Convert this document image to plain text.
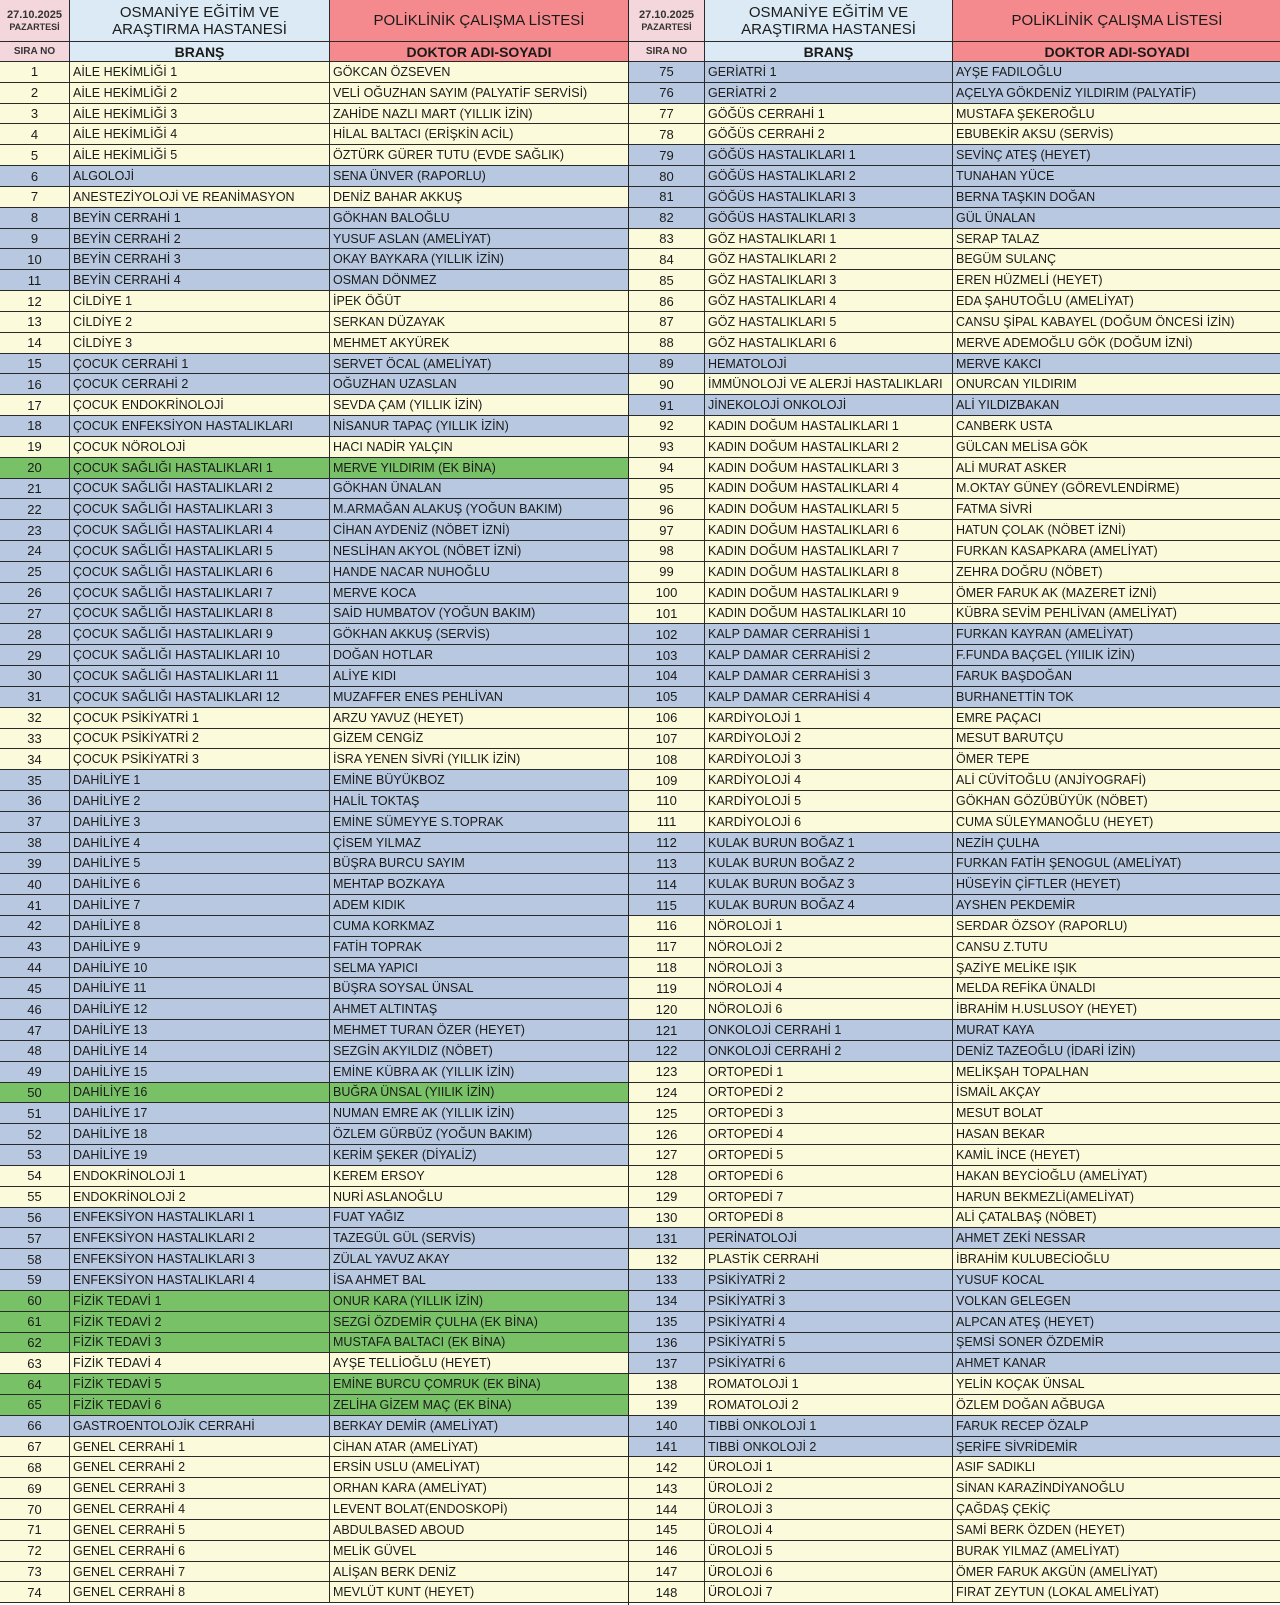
27.10.2025
PAZARTESİ
OSMANİYE EĞİTİM VE ARAŞTIRMA HASTANESİ	POLİKLİNİK ÇALIŞMA LİSTESİ
SIRA NO	BRANŞ	DOKTOR ADI-SOYADI
1	AİLE HEKİMLİĞİ 1	GÖKCAN ÖZSEVEN
2	AİLE HEKİMLİĞİ 2	VELİ OĞUZHAN SAYIM (PALYATİF SERVİSİ)
3	AİLE HEKİMLİĞİ 3	ZAHİDE NAZLI MART (YILLIK İZİN)
4	AİLE HEKİMLİĞİ 4	HİLAL BALTACI (ERİŞKİN ACİL)
5	AİLE HEKİMLİĞİ 5	ÖZTÜRK GÜRER TUTU (EVDE SAĞLIK)
6	ALGOLOJİ	SENA ÜNVER (RAPORLU)
7	ANESTEZİYOLOJİ VE REANİMASYON	DENİZ BAHAR AKKUŞ
8	BEYİN CERRAHİ 1	GÖKHAN BALOĞLU
9	BEYİN CERRAHİ 2	YUSUF ASLAN (AMELİYAT)
10	BEYİN CERRAHİ 3	OKAY BAYKARA (YILLIK İZİN)
11	BEYİN CERRAHİ 4	OSMAN DÖNMEZ
12	CİLDİYE 1	İPEK ÖĞÜT
13	CİLDİYE 2	SERKAN DÜZAYAK
14	CİLDİYE 3	MEHMET AKYÜREK
15	ÇOCUK CERRAHİ 1	SERVET ÖCAL (AMELİYAT)
16	ÇOCUK CERRAHİ 2	OĞUZHAN UZASLAN
17	ÇOCUK ENDOKRİNOLOJİ	SEVDA ÇAM (YILLIK İZİN)
18	ÇOCUK ENFEKSİYON HASTALIKLARI	NİSANUR TAPAÇ (YILLIK İZİN)
19	ÇOCUK NÖROLOJİ	HACI NADİR YALÇIN
20	ÇOCUK SAĞLIĞI HASTALIKLARI 1	MERVE YILDIRIM (EK BİNA)
21	ÇOCUK SAĞLIĞI HASTALIKLARI 2	GÖKHAN ÜNALAN
22	ÇOCUK SAĞLIĞI HASTALIKLARI 3	M.ARMAĞAN ALAKUŞ (YOĞUN BAKIM)
23	ÇOCUK SAĞLIĞI HASTALIKLARI 4	CİHAN AYDENİZ (NÖBET İZNİ)
24	ÇOCUK SAĞLIĞI HASTALIKLARI 5	NESLİHAN AKYOL (NÖBET İZNİ)
25	ÇOCUK SAĞLIĞI HASTALIKLARI 6	HANDE NACAR NUHOĞLU
26	ÇOCUK SAĞLIĞI HASTALIKLARI 7	MERVE KOCA
27	ÇOCUK SAĞLIĞI HASTALIKLARI 8	SAİD HUMBATOV (YOĞUN BAKIM)
28	ÇOCUK SAĞLIĞI HASTALIKLARI 9	GÖKHAN AKKUŞ (SERVİS)
29	ÇOCUK SAĞLIĞI HASTALIKLARI 10	DOĞAN HOTLAR
30	ÇOCUK SAĞLIĞI HASTALIKLARI 11	ALİYE KIDI
31	ÇOCUK SAĞLIĞI HASTALIKLARI 12	MUZAFFER ENES PEHLİVAN
32	ÇOCUK PSİKİYATRİ 1	ARZU YAVUZ (HEYET)
33	ÇOCUK PSİKİYATRİ 2	GİZEM CENGİZ
34	ÇOCUK PSİKİYATRİ 3	İSRA YENEN SİVRİ (YILLIK İZİN)
35	DAHİLİYE 1	EMİNE BÜYÜKBOZ
36	DAHİLİYE 2	HALİL TOKTAŞ
37	DAHİLİYE 3	EMİNE SÜMEYYE S.TOPRAK
38	DAHİLİYE 4	ÇİSEM YILMAZ
39	DAHİLİYE 5	BÜŞRA BURCU SAYIM
40	DAHİLİYE 6	MEHTAP BOZKAYA
41	DAHİLİYE 7	ADEM KIDIK
42	DAHİLİYE 8	CUMA KORKMAZ
43	DAHİLİYE 9	FATİH TOPRAK
44	DAHİLİYE 10	SELMA YAPICI
45	DAHİLİYE 11	BÜŞRA SOYSAL ÜNSAL
46	DAHİLİYE 12	AHMET ALTINTAŞ
47	DAHİLİYE 13	MEHMET TURAN ÖZER (HEYET)
48	DAHİLİYE 14	SEZGİN AKYILDIZ (NÖBET)
49	DAHİLİYE 15	EMİNE KÜBRA AK (YILLIK İZİN)
50	DAHİLİYE 16	BUĞRA ÜNSAL (YIILIK İZİN)
51	DAHİLİYE 17	NUMAN EMRE AK (YILLIK İZİN)
52	DAHİLİYE 18	ÖZLEM GÜRBÜZ (YOĞUN BAKIM)
53	DAHİLİYE 19	KERİM ŞEKER (DİYALİZ)
54	ENDOKRİNOLOJİ 1	KEREM ERSOY
55	ENDOKRİNOLOJİ 2	NURİ ASLANOĞLU
56	ENFEKSİYON HASTALIKLARI 1	FUAT YAĞIZ
57	ENFEKSİYON HASTALIKLARI 2	TAZEGÜL GÜL (SERVİS)
58	ENFEKSİYON HASTALIKLARI 3	ZÜLAL YAVUZ AKAY
59	ENFEKSİYON HASTALIKLARI 4	İSA AHMET BAL
60	FİZİK TEDAVİ 1	ONUR KARA (YILLIK İZİN)
61	FİZİK TEDAVİ 2	SEZGİ ÖZDEMİR ÇULHA (EK BİNA)
62	FİZİK TEDAVİ 3	MUSTAFA BALTACI (EK BİNA)
63	FİZİK TEDAVİ 4	AYŞE TELLİOĞLU (HEYET)
64	FİZİK TEDAVİ 5	EMİNE BURCU ÇOMRUK (EK BİNA)
65	FİZİK TEDAVİ 6	ZELİHA GİZEM MAÇ (EK BİNA)
66	GASTROENTOLOJİK CERRAHİ	BERKAY DEMİR (AMELİYAT)
67	GENEL CERRAHİ 1	CİHAN ATAR (AMELİYAT)
68	GENEL CERRAHİ 2	ERSİN USLU (AMELİYAT)
69	GENEL CERRAHİ 3	ORHAN KARA (AMELİYAT)
70	GENEL CERRAHİ 4	LEVENT BOLAT(ENDOSKOPİ)
71	GENEL CERRAHİ 5	ABDULBASED ABOUD
72	GENEL CERRAHİ 6	MELİK GÜVEL
73	GENEL CERRAHİ 7	ALİŞAN BERK DENİZ
74	GENEL CERRAHİ 8	MEVLÜT KUNT (HEYET)
27.10.2025
PAZARTESİ
OSMANİYE EĞİTİM VE ARAŞTIRMA HASTANESİ	POLİKLİNİK ÇALIŞMA LİSTESİ
SIRA NO	BRANŞ	DOKTOR ADI-SOYADI
75	GERİATRİ 1	AYŞE FADILOĞLU
76	GERİATRİ 2	AÇELYA GÖKDENİZ YILDIRIM (PALYATİF)
77	GÖĞÜS CERRAHİ 1	MUSTAFA ŞEKEROĞLU
78	GÖĞÜS CERRAHİ 2	EBUBEKİR AKSU (SERVİS)
79	GÖĞÜS HASTALIKLARI 1	SEVİNÇ ATEŞ (HEYET)
80	GÖĞÜS HASTALIKLARI 2	TUNAHAN YÜCE
81	GÖĞÜS HASTALIKLARI 3	BERNA TAŞKIN DOĞAN
82	GÖĞÜS HASTALIKLARI 3	GÜL ÜNALAN
83	GÖZ HASTALIKLARI 1	SERAP TALAZ
84	GÖZ HASTALIKLARI 2	BEGÜM SULANÇ
85	GÖZ HASTALIKLARI 3	EREN HÜZMELİ (HEYET)
86	GÖZ HASTALIKLARI 4	EDA ŞAHUTOĞLU (AMELİYAT)
87	GÖZ HASTALIKLARI 5	CANSU ŞİPAL KABAYEL (DOĞUM ÖNCESİ İZİN)
88	GÖZ HASTALIKLARI 6	MERVE ADEMOĞLU GÖK (DOĞUM İZNİ)
89	HEMATOLOJİ	MERVE KAKCI
90	İMMÜNOLOJİ VE ALERJİ HASTALIKLARI	ONURCAN YILDIRIM
91	JİNEKOLOJİ ONKOLOJİ	ALİ YILDIZBAKAN
92	KADIN DOĞUM HASTALIKLARI 1	CANBERK USTA
93	KADIN DOĞUM HASTALIKLARI 2	GÜLCAN MELİSA GÖK
94	KADIN DOĞUM HASTALIKLARI 3	ALİ MURAT ASKER
95	KADIN DOĞUM HASTALIKLARI 4	M.OKTAY GÜNEY (GÖREVLENDİRME)
96	KADIN DOĞUM HASTALIKLARI 5	FATMA SİVRİ
97	KADIN DOĞUM HASTALIKLARI 6	HATUN ÇOLAK (NÖBET İZNİ)
98	KADIN DOĞUM HASTALIKLARI 7	FURKAN KASAPKARA (AMELİYAT)
99	KADIN DOĞUM HASTALIKLARI 8	ZEHRA DOĞRU (NÖBET)
100	KADIN DOĞUM HASTALIKLARI 9	ÖMER FARUK AK (MAZERET İZNİ)
101	KADIN DOĞUM HASTALIKLARI 10	KÜBRA SEVİM PEHLİVAN (AMELİYAT)
102	KALP DAMAR CERRAHİSİ 1	FURKAN KAYRAN (AMELİYAT)
103	KALP DAMAR CERRAHİSİ 2	F.FUNDA BAÇGEL (YIILIK İZİN)
104	KALP DAMAR CERRAHİSİ 3	FARUK BAŞDOĞAN
105	KALP DAMAR CERRAHİSİ 4	BURHANETTİN TOK
106	KARDİYOLOJİ 1	EMRE PAÇACI
107	KARDİYOLOJİ 2	MESUT BARUTÇU
108	KARDİYOLOJİ 3	ÖMER TEPE
109	KARDİYOLOJİ 4	ALİ CÜVİTOĞLU (ANJİYOGRAFİ)
110	KARDİYOLOJİ 5	GÖKHAN GÖZÜBÜYÜK (NÖBET)
111	KARDİYOLOJİ 6	CUMA SÜLEYMANOĞLU (HEYET)
112	KULAK BURUN BOĞAZ 1	NEZİH ÇULHA
113	KULAK BURUN BOĞAZ 2	FURKAN FATİH ŞENOGUL (AMELİYAT)
114	KULAK BURUN BOĞAZ 3	HÜSEYİN ÇİFTLER (HEYET)
115	KULAK BURUN BOĞAZ 4	AYSHEN PEKDEMİR
116	NÖROLOJİ 1	SERDAR ÖZSOY (RAPORLU)
117	NÖROLOJİ 2	CANSU Z.TUTU
118	NÖROLOJİ 3	ŞAZİYE MELİKE IŞIK
119	NÖROLOJİ 4	MELDA REFİKA ÜNALDI
120	NÖROLOJİ 6	İBRAHİM H.USLUSOY (HEYET)
121	ONKOLOJİ CERRAHİ 1	MURAT KAYA
122	ONKOLOJİ CERRAHİ 2	DENİZ TAZEOĞLU (İDARİ İZİN)
123	ORTOPEDİ 1	MELİKŞAH TOPALHAN
124	ORTOPEDİ 2	İSMAİL AKÇAY
125	ORTOPEDİ 3	MESUT BOLAT
126	ORTOPEDİ 4	HASAN BEKAR
127	ORTOPEDİ 5	KAMİL İNCE (HEYET)
128	ORTOPEDİ 6	HAKAN BEYCİOĞLU (AMELİYAT)
129	ORTOPEDİ 7	HARUN BEKMEZLİ(AMELİYAT)
130	ORTOPEDİ 8	ALİ ÇATALBAŞ (NÖBET)
131	PERİNATOLOJİ	AHMET ZEKİ NESSAR
132	PLASTİK CERRAHİ	İBRAHİM KULUBECİOĞLU
133	PSİKİYATRİ 2	YUSUF KOCAL
134	PSİKİYATRİ 3	VOLKAN GELEGEN
135	PSİKİYATRİ 4	ALPCAN ATEŞ (HEYET)
136	PSİKİYATRİ 5	ŞEMSİ SONER ÖZDEMİR
137	PSİKİYATRİ 6	AHMET KANAR
138	ROMATOLOJİ 1	YELİN KOÇAK ÜNSAL
139	ROMATOLOJİ 2	ÖZLEM DOĞAN AĞBUGA
140	TIBBİ ONKOLOJİ 1	FARUK RECEP ÖZALP
141	TIBBİ ONKOLOJİ 2	ŞERİFE SİVRİDEMİR
142	ÜROLOJİ 1	ASIF SADIKLI
143	ÜROLOJİ 2	SİNAN KARAZİNDİYANOĞLU
144	ÜROLOJİ 3	ÇAĞDAŞ ÇEKİÇ
145	ÜROLOJİ 4	SAMİ BERK ÖZDEN (HEYET)
146	ÜROLOJİ 5	BURAK YILMAZ (AMELİYAT)
147	ÜROLOJİ 6	ÖMER FARUK AKGÜN (AMELİYAT)
148	ÜROLOJİ 7	FIRAT ZEYTUN (LOKAL AMELİYAT)
